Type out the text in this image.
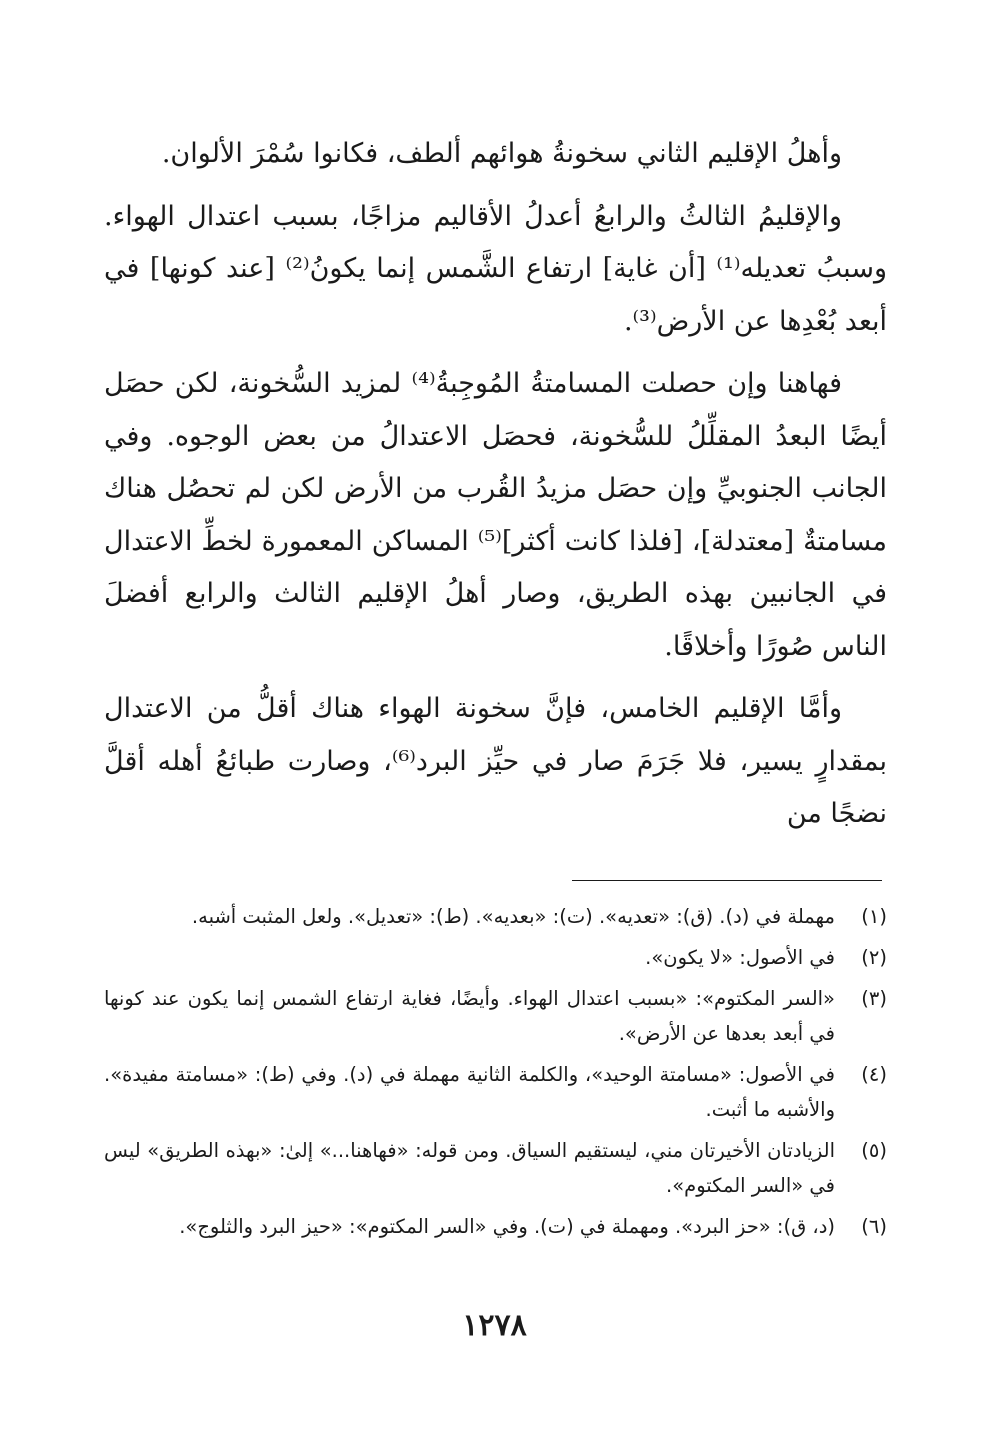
وأهلُ الإقليم الثاني سخونةُ هوائهم ألطف، فكانوا سُمْرَ الألوان.

والإقليمُ الثالثُ والرابعُ أعدلُ الأقاليم مزاجًا، بسبب اعتدال الهواء. وسببُ تعديله⁽¹⁾ [أن غاية] ارتفاع الشَّمس إنما يكونُ⁽²⁾ [عند كونها] في أبعد بُعْدِها عن الأرض⁽³⁾.

فهاهنا وإن حصلت المسامتةُ المُوجِبةُ⁽⁴⁾ لمزيد السُّخونة، لكن حصَل أيضًا البعدُ المقلِّلُ للسُّخونة، فحصَل الاعتدالُ من بعض الوجوه. وفي الجانب الجنوبيِّ وإن حصَل مزيدُ القُرب من الأرض لكن لم تحصُل هناك مسامتةٌ [معتدلة]، [فلذا كانت أكثر]⁽⁵⁾ المساكن المعمورة لخطِّ الاعتدال في الجانبين بهذه الطريق، وصار أهلُ الإقليم الثالث والرابع أفضلَ الناس صُورًا وأخلاقًا.

وأمَّا الإقليم الخامس، فإنَّ سخونة الهواء هناك أقلُّ من الاعتدال بمقدارٍ يسير، فلا جَرَمَ صار في حيِّز البرد⁽⁶⁾، وصارت طبائعُ أهله أقلَّ نضجًا من

(١)
مهملة في (د). (ق): «تعديه». (ت): «بعديه». (ط): «تعديل». ولعل المثبت أشبه.
(٢)
في الأصول: «لا يكون».
(٣)
«السر المكتوم»: «بسبب اعتدال الهواء. وأيضًا، فغاية ارتفاع الشمس إنما يكون عند كونها في أبعد بعدها عن الأرض».
(٤)
في الأصول: «مسامتة الوحيد»، والكلمة الثانية مهملة في (د). وفي (ط): «مسامتة مفيدة». والأشبه ما أثبت.
(٥)
الزيادتان الأخيرتان مني، ليستقيم السياق. ومن قوله: «فهاهنا...» إلىٰ: «بهذه الطريق» ليس في «السر المكتوم».
(٦)
(د، ق): «حز البرد». ومهملة في (ت). وفي «السر المكتوم»: «حيز البرد والثلوج».
١٢٧٨
